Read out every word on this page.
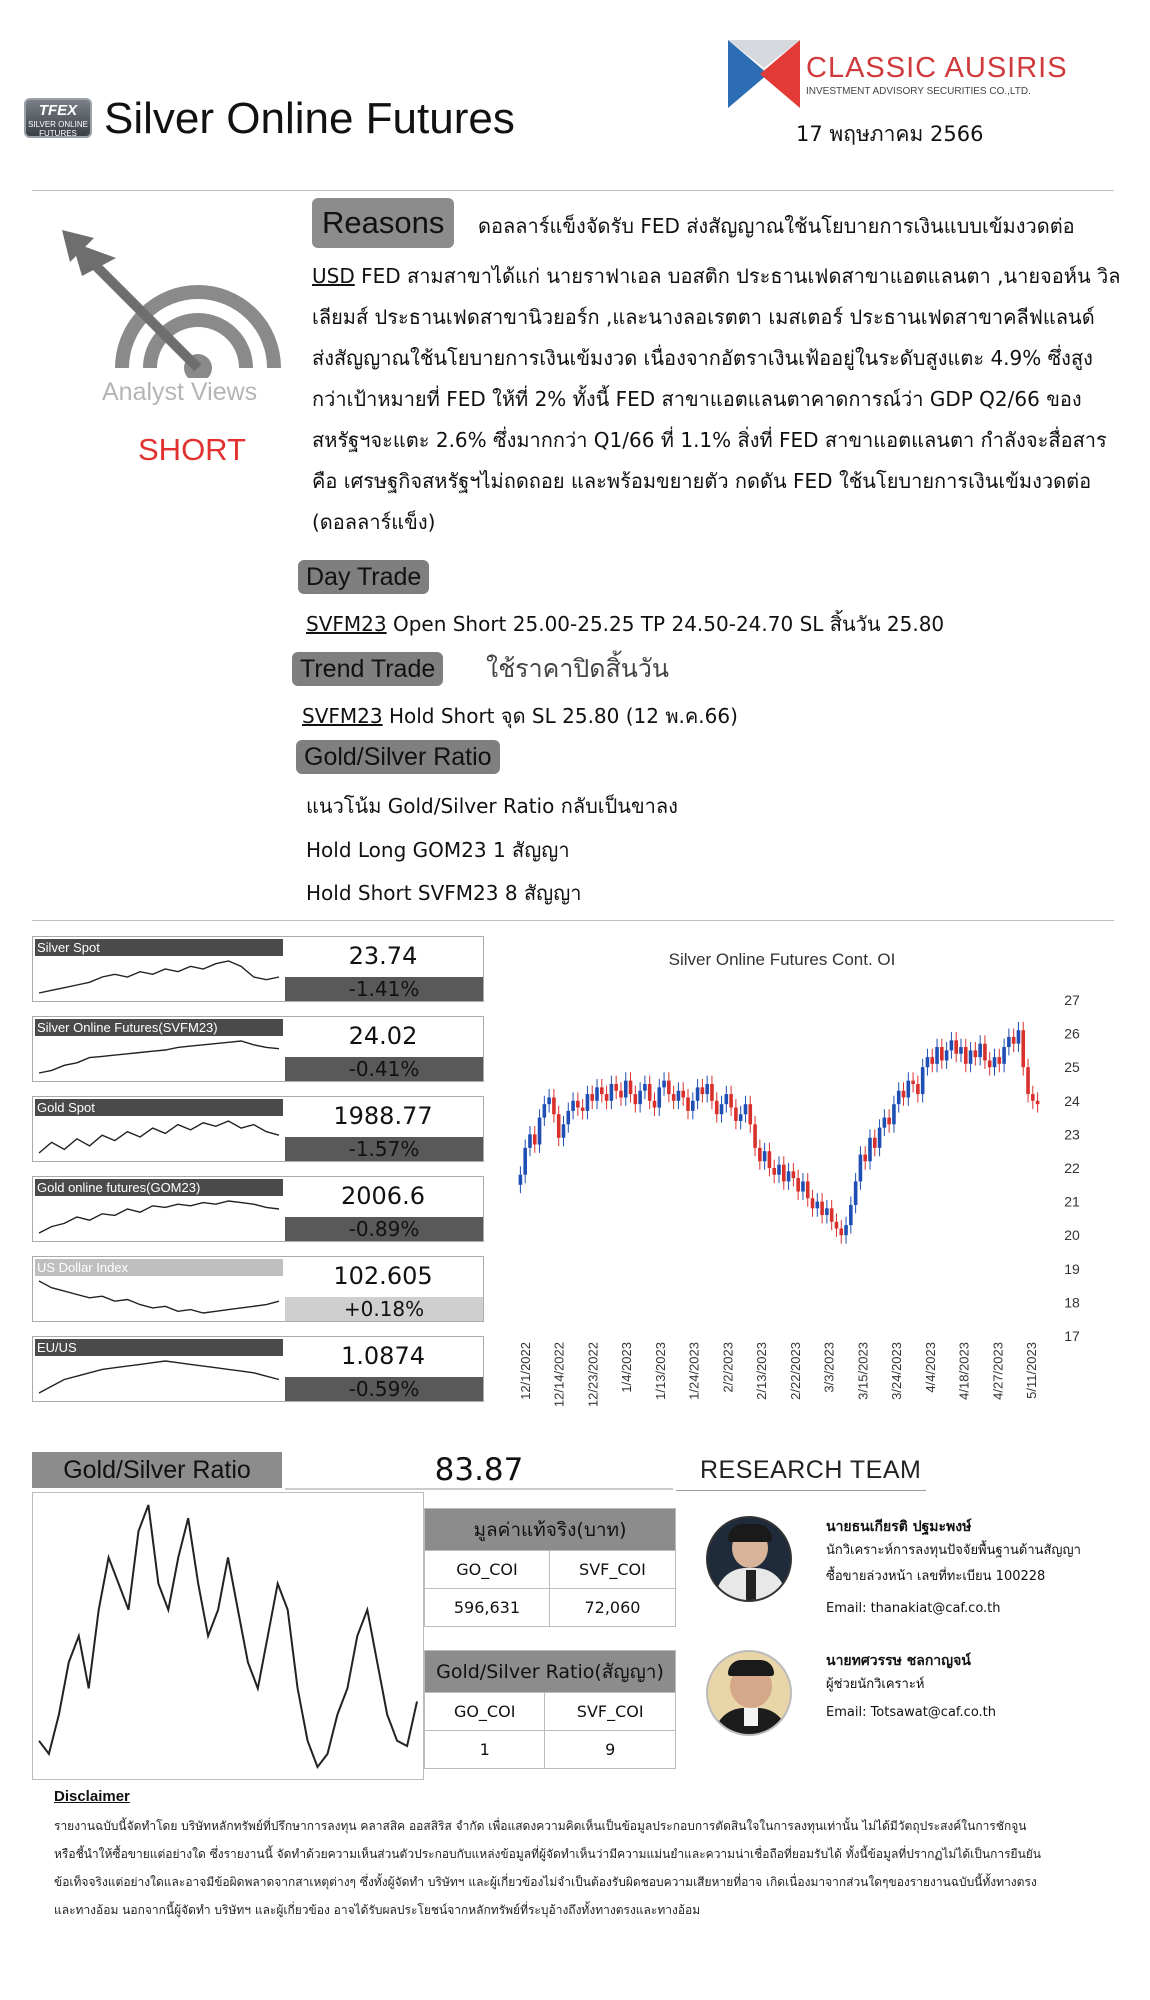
TFEX
SILVER ONLINE FUTURES Silver Online Futures
CLASSIC AUSIRIS
INVESTMENT ADVISORY SECURITIES CO.,LTD.
17 พฤษภาคม 2566
Analyst Views
SHORT
Reasons	ดอลลาร์แข็งจัดรับ FED ส่งสัญญาณใช้นโยบายการเงินแบบเข้มงวดต่อ
USD FED สามสาขาได้แก่ นายราฟาเอล บอสติก ประธานเฟดสาขาแอตแลนตา ,นายจอห์น วิล
เลียมส์ ประธานเฟดสาขานิวยอร์ก ,และนางลอเรตตา เมสเตอร์ ประธานเฟดสาขาคลีฟแลนด์
ส่งสัญญาณใช้นโยบายการเงินเข้มงวด เนื่องจากอัตราเงินเฟ้ออยู่ในระดับสูงแตะ 4.9% ซึ่งสูง
กว่าเป้าหมายที่ FED ให้ที่ 2% ทั้งนี้ FED สาขาแอตแลนตาคาดการณ์ว่า GDP Q2/66 ของ
สหรัฐฯจะแตะ 2.6% ซึ่งมากกว่า Q1/66 ที่ 1.1% สิ่งที่ FED สาขาแอตแลนตา กำลังจะสื่อสาร
คือ เศรษฐกิจสหรัฐฯไม่ถดถอย และพร้อมขยายตัว กดดัน FED ใช้นโยบายการเงินเข้มงวดต่อ
(ดอลลาร์แข็ง)
Day Trade
SVFM23 Open Short 25.00-25.25 TP 24.50-24.70 SL สิ้นวัน 25.80
Trend Trade	ใช้ราคาปิดสิ้นวัน
SVFM23 Hold Short จุด SL 25.80 (12 พ.ค.66)
Gold/Silver Ratio
แนวโน้ม Gold/Silver Ratio กลับเป็นขาลง
Hold Long GOM23 1 สัญญา
Hold Short SVFM23 8 สัญญา
Silver Spot	23.74
-1.41%
Silver Online Futures(SVFM23)	24.02
-0.41%
Gold Spot	1988.77
-1.57%
Gold online futures(GOM23)	2006.6
-0.89%
US Dollar Index	102.605
+0.18%
EU/US	1.0874
-0.59%
Silver Online Futures Cont. OI
27
26
25
24
23
22
21
20
19
18
17
12/1/2022 12/14/2022 12/23/2022 1/4/2023 1/13/2023 1/24/2023 2/2/2023 2/13/2023 2/22/2023 3/3/2023 3/15/2023 3/24/2023 4/4/2023 4/18/2023 4/27/2023 5/11/2023
Gold/Silver Ratio	83.87	RESEARCH TEAM
มูลค่าแท้จริง(บาท)	
GO_COI	SVF_COI
596,631	72,060
Gold/Silver Ratio(สัญญา)	
GO_COI	SVF_COI
1	9
นายธนเกียรติ ปฐมะพงษ์
นักวิเคราะห์การลงทุนปัจจัยพื้นฐานด้านสัญญา
ซื้อขายล่วงหน้า เลขที่ทะเบียน 100228
Email: thanakiat@caf.co.th
นายทศวรรษ ชลกาญจน์
ผู้ช่วยนักวิเคราะห์
Email: Totsawat@caf.co.th
Disclaimer
รายงานฉบับนี้จัดทำโดย บริษัทหลักทรัพย์ที่ปรึกษาการลงทุน คลาสสิค ออสสิริส จำกัด เพื่อแสดงความคิดเห็นเป็นข้อมูลประกอบการตัดสินใจในการลงทุนเท่านั้น ไม่ได้มีวัตถุประสงค์ในการชักจูน
หรือชี้นำให้ซื้อขายแต่อย่างใด ซึ่งรายงานนี้ จัดทำด้วยความเห็นส่วนตัวประกอบกับแหล่งข้อมูลที่ผู้จัดทำเห็นว่ามีความแม่นยำและความน่าเชื่อถือที่ยอมรับได้ ทั้งนี้ข้อมูลที่ปรากฏไม่ได้เป็นการยืนยัน
ข้อเท็จจริงแต่อย่างใดและอาจมีข้อผิดพลาดจากสาเหตุต่างๆ ซึ่งทั้งผู้จัดทำ บริษัทฯ และผู้เกี่ยวข้องไม่จำเป็นต้องรับผิดชอบความเสียหายที่อาจ เกิดเนื่องมาจากส่วนใดๆของรายงานฉบับนี้ทั้งทางตรง
และทางอ้อม นอกจากนี้ผู้จัดทำ บริษัทฯ และผู้เกี่ยวข้อง อาจได้รับผลประโยชน์จากหลักทรัพย์ที่ระบุอ้างถึงทั้งทางตรงและทางอ้อม
